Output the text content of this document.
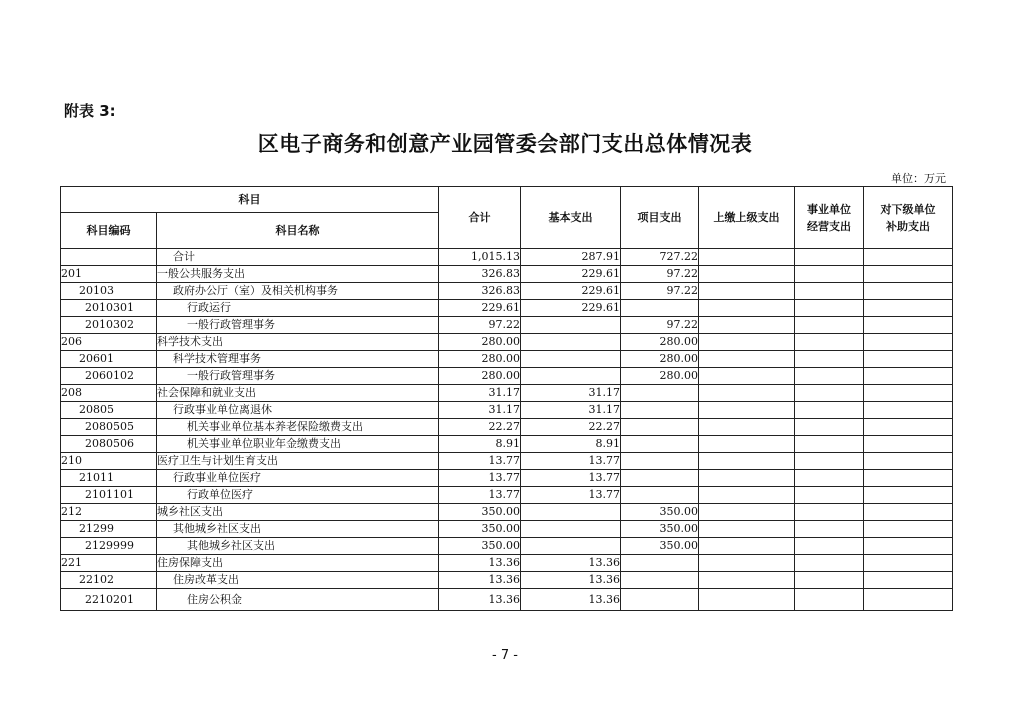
附表 3:
区电子商务和创意产业园管委会部门支出总体情况表
单位：万元
科目		合计	基本支出	项目支出	上缴上级支出	事业单位经营支出	对下级单位补助支出
科目编码	科目名称						
	合计	1,015.13	287.91	727.22			
201	一般公共服务支出	326.83	229.61	97.22			
20103	政府办公厅（室）及相关机构事务	326.83	229.61	97.22			
2010301	行政运行	229.61	229.61				
2010302	一般行政管理事务	97.22		97.22			
206	科学技术支出	280.00		280.00			
20601	科学技术管理事务	280.00		280.00			
2060102	一般行政管理事务	280.00		280.00			
208	社会保障和就业支出	31.17	31.17				
20805	行政事业单位离退休	31.17	31.17				
2080505	机关事业单位基本养老保险缴费支出	22.27	22.27				
2080506	机关事业单位职业年金缴费支出	8.91	8.91				
210	医疗卫生与计划生育支出	13.77	13.77				
21011	行政事业单位医疗	13.77	13.77				
2101101	行政单位医疗	13.77	13.77				
212	城乡社区支出	350.00		350.00			
21299	其他城乡社区支出	350.00		350.00			
2129999	其他城乡社区支出	350.00		350.00			
221	住房保障支出	13.36	13.36				
22102	住房改革支出	13.36	13.36				
2210201	住房公积金	13.36	13.36				
- 7 -
